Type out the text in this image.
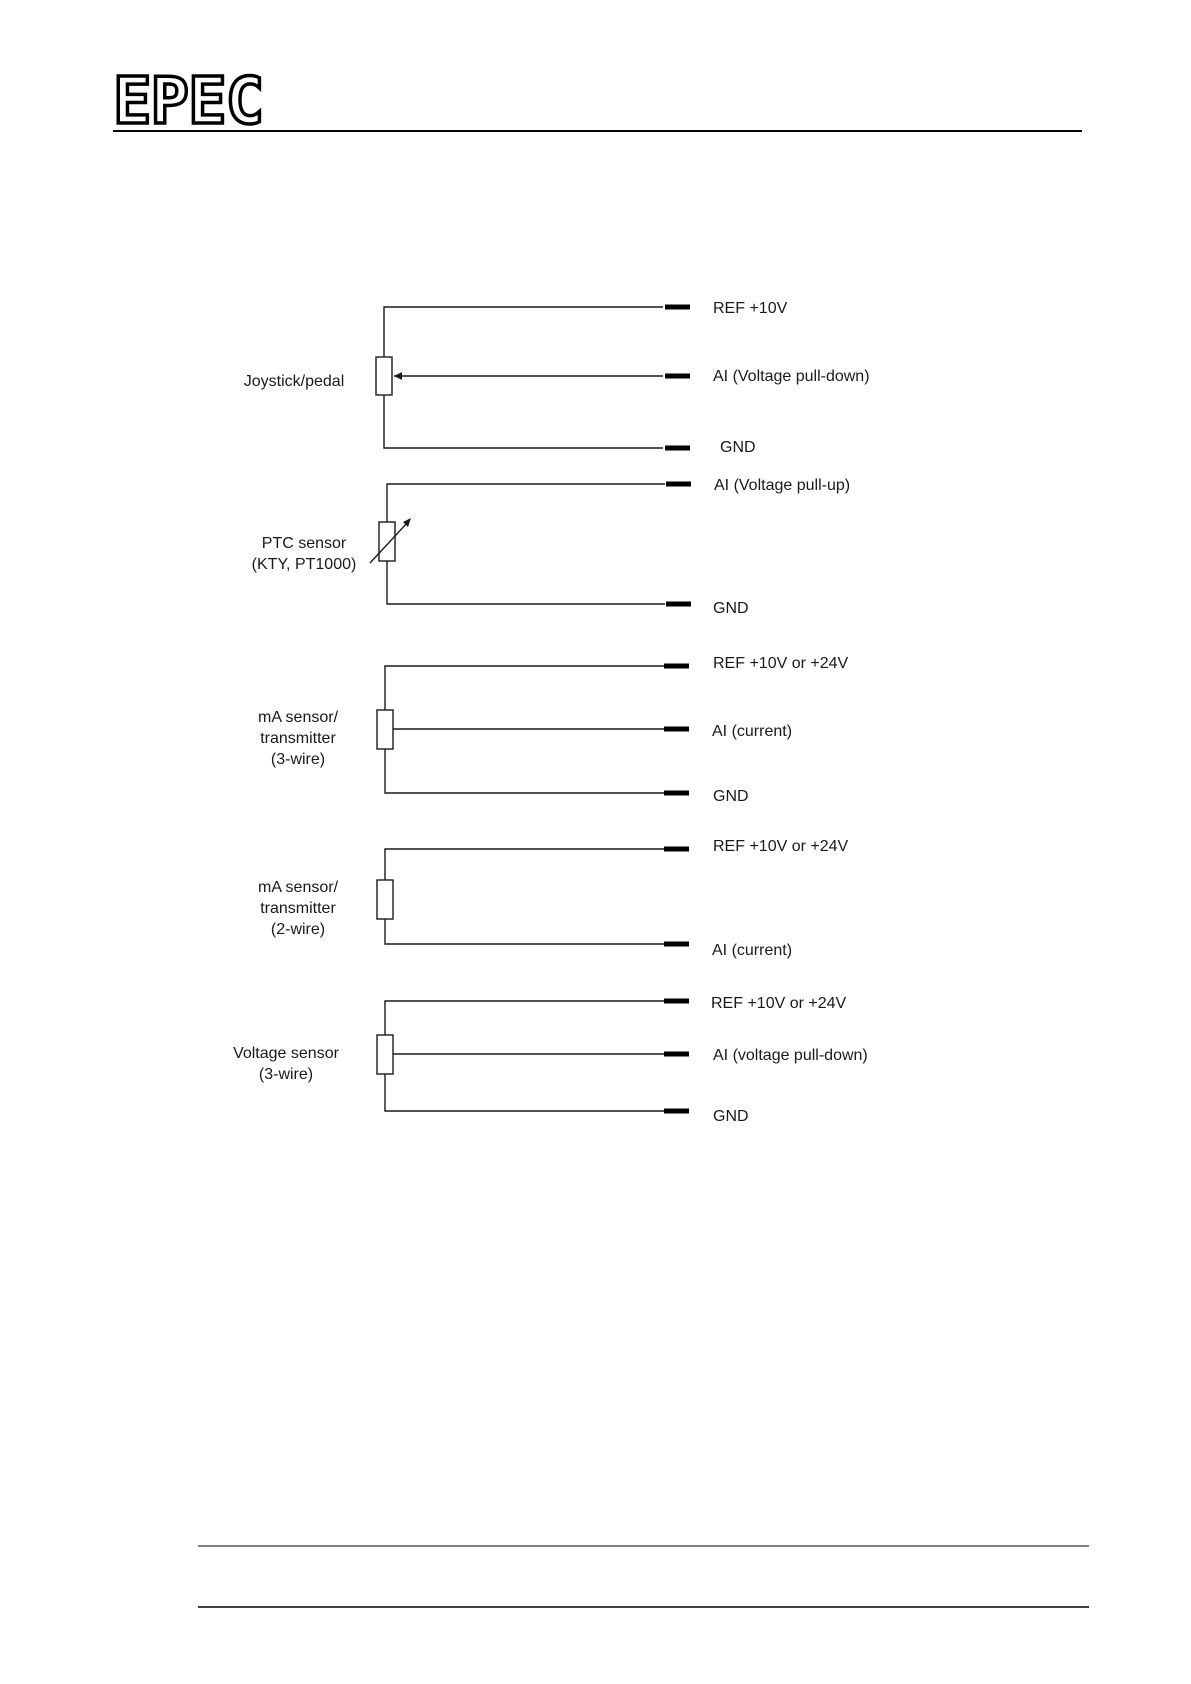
EPEC
Joystick/pedal
REF +10V
AI (Voltage pull-down)
GND
PTC sensor
(KTY, PT1000)
AI (Voltage pull-up)
GND
mA sensor/
transmitter
(3-wire)
REF +10V or +24V
AI (current)
GND
mA sensor/
transmitter
(2-wire)
REF +10V or +24V
AI (current)
Voltage sensor
(3-wire)
REF +10V or +24V
AI (voltage pull-down)
GND
